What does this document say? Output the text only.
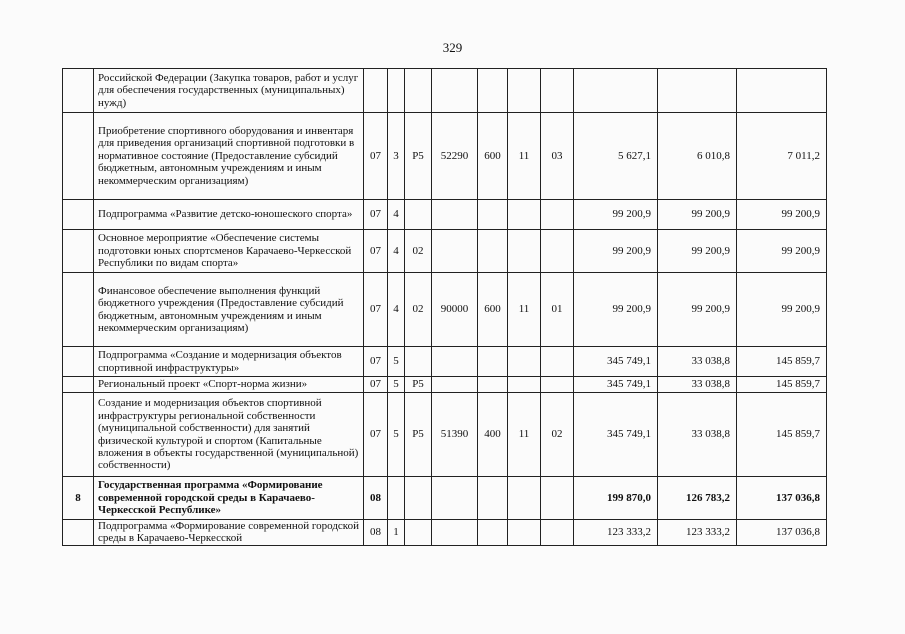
329
	Российской Федерации (Закупка товаров, работ и услуг для обеспечения государственных (муниципальных) нужд)										
	Приобретение спортивного оборудования и инвентаря для приведения организаций спортивной подготовки в нормативное состояние (Предоставление субсидий бюджетным, автономным учреждениям и иным некоммерческим организациям)	07	3	Р5	52290	600	11	03	5 627,1	6 010,8	7 011,2
	Подпрограмма «Развитие детско-юношеского спорта»	07	4						99 200,9	99 200,9	99 200,9
	Основное мероприятие «Обеспечение системы подготовки юных спортсменов Карачаево-Черкесской Республики по видам спорта»	07	4	02					99 200,9	99 200,9	99 200,9
	Финансовое обеспечение выполнения функций бюджетного учреждения (Предоставление субсидий бюджетным, автономным учреждениям и иным некоммерческим организациям)	07	4	02	90000	600	11	01	99 200,9	99 200,9	99 200,9
	Подпрограмма «Создание и модернизация объектов спортивной инфраструктуры»	07	5						345 749,1	33 038,8	145 859,7
	Региональный проект «Спорт-норма жизни»	07	5	Р5					345 749,1	33 038,8	145 859,7
	Создание и модернизация объектов спортивной инфраструктуры региональной собственности (муниципальной собственности) для занятий физической культурой и спортом (Капитальные вложения в объекты государственной (муниципальной) собственности)	07	5	Р5	51390	400	11	02	345 749,1	33 038,8	145 859,7
8	Государственная программа «Формирование современной городской среды в Карачаево-Черкесской Республике»	08							199 870,0	126 783,2	137 036,8
	Подпрограмма «Формирование современной городской среды в Карачаево-Черкесской	08	1						123 333,2	123 333,2	137 036,8
